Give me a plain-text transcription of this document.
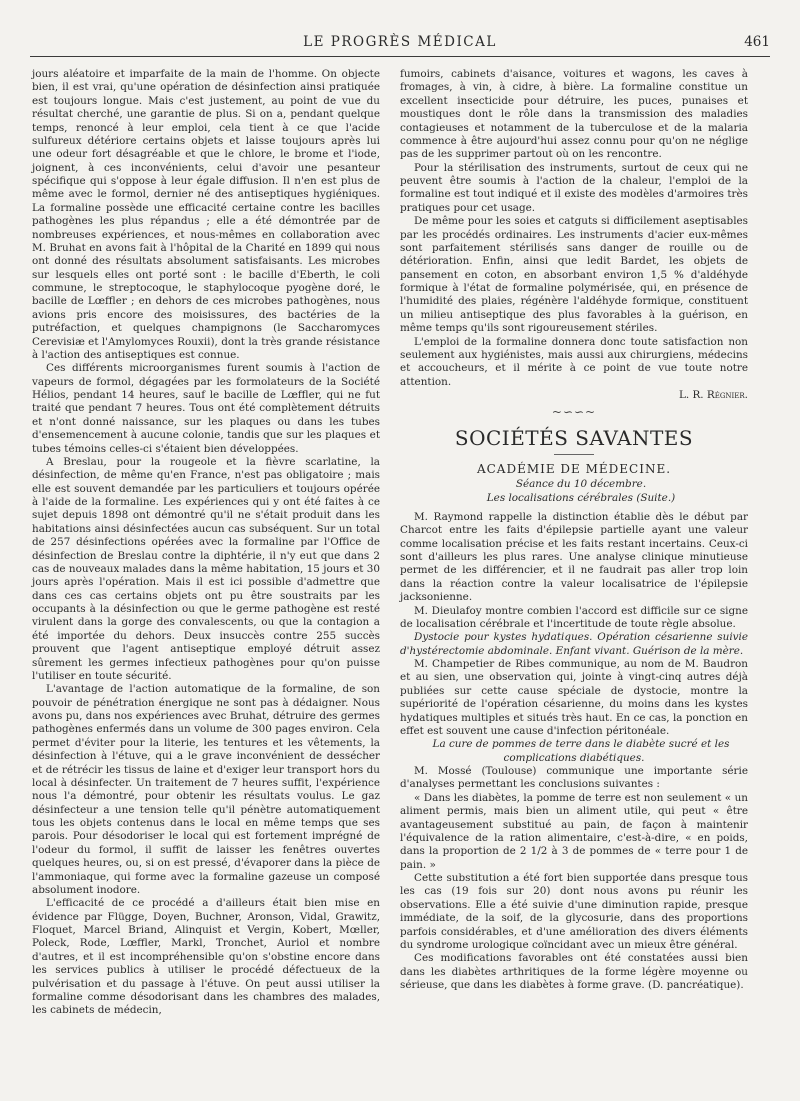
LE PROGRÈS MÉDICAL	461

jours aléatoire et imparfaite de la main de l'homme. On objecte bien, il est vrai, qu'une opération de désinfection ainsi pratiquée est toujours longue. Mais c'est justement, au point de vue du résultat cherché, une garantie de plus. Si on a, pendant quelque temps, renoncé à leur emploi, cela tient à ce que l'acide sulfureux détériore certains objets et laisse toujours après lui une odeur fort désagréable et que le chlore, le brome et l'iode, joignent, à ces inconvénients, celui d'avoir une pesanteur spécifique qui s'oppose à leur égale diffusion. Il n'en est plus de même avec le formol, dernier né des antiseptiques hygiéniques. La formaline possède une efficacité certaine contre les bacilles pathogènes les plus répandus ; elle a été démontrée par de nombreuses expériences, et nous-mêmes en collaboration avec M. Bruhat en avons fait à l'hôpital de la Charité en 1899 qui nous ont donné des résultats absolument satisfaisants. Les microbes sur lesquels elles ont porté sont : le bacille d'Eberth, le coli commune, le streptocoque, le staphylocoque pyogène doré, le bacille de Lœffler ; en dehors de ces microbes pathogènes, nous avions pris encore des moisissures, des bactéries de la putréfaction, et quelques champignons (le Saccharomyces Cerevisiæ et l'Amylomyces Rouxii), dont la très grande résistance à l'action des antiseptiques est connue.

Ces différents microorganismes furent soumis à l'action de vapeurs de formol, dégagées par les formolateurs de la Société Hélios, pendant 14 heures, sauf le bacille de Lœffler, qui ne fut traité que pendant 7 heures. Tous ont été complètement détruits et n'ont donné naissance, sur les plaques ou dans les tubes d'ensemencement à aucune colonie, tandis que sur les plaques et tubes témoins celles-ci s'étaient bien développées.

A Breslau, pour la rougeole et la fièvre scarlatine, la désinfection, de même qu'en France, n'est pas obligatoire ; mais elle est souvent demandée par les particuliers et toujours opérée à l'aide de la formaline. Les expériences qui y ont été faites à ce sujet depuis 1898 ont démontré qu'il ne s'était produit dans les habitations ainsi désinfectées aucun cas subséquent. Sur un total de 257 désinfections opérées avec la formaline par l'Office de désinfection de Breslau contre la diphtérie, il n'y eut que dans 2 cas de nouveaux malades dans la même habitation, 15 jours et 30 jours après l'opération. Mais il est ici possible d'admettre que dans ces cas certains objets ont pu être soustraits par les occupants à la désinfection ou que le germe pathogène est resté virulent dans la gorge des convalescents, ou que la contagion a été importée du dehors. Deux insuccès contre 255 succès prouvent que l'agent antiseptique employé détruit assez sûrement les germes infectieux pathogènes pour qu'on puisse l'utiliser en toute sécurité.

L'avantage de l'action automatique de la formaline, de son pouvoir de pénétration énergique ne sont pas à dédaigner. Nous avons pu, dans nos expériences avec Bruhat, détruire des germes pathogènes enfermés dans un volume de 300 pages environ. Cela permet d'éviter pour la literie, les tentures et les vêtements, la désinfection à l'étuve, qui a le grave inconvénient de dessécher et de rétrécir les tissus de laine et d'exiger leur transport hors du local à désinfecter. Un traitement de 7 heures suffit, l'expérience nous l'a démontré, pour obtenir les résultats voulus. Le gaz désinfecteur a une tension telle qu'il pénètre automatiquement tous les objets contenus dans le local en même temps que ses parois. Pour désodoriser le local qui est fortement imprégné de l'odeur du formol, il suffit de laisser les fenêtres ouvertes quelques heures, ou, si on est pressé, d'évaporer dans la pièce de l'ammoniaque, qui forme avec la formaline gazeuse un composé absolument inodore.

L'efficacité de ce procédé a d'ailleurs était bien mise en évidence par Flügge, Doyen, Buchner, Aronson, Vidal, Grawitz, Floquet, Marcel Briand, Alinquist et Vergin, Kobert, Mœller, Poleck, Rode, Lœffler, Markl, Tronchet, Auriol et nombre d'autres, et il est incompréhensible qu'on s'obstine encore dans les services publics à utiliser le procédé défectueux de la pulvérisation et du passage à l'étuve. On peut aussi utiliser la formaline comme désodorisant dans les chambres des malades, les cabinets de médecin,

fumoirs, cabinets d'aisance, voitures et wagons, les caves à fromages, à vin, à cidre, à bière. La formaline constitue un excellent insecticide pour détruire, les puces, punaises et moustiques dont le rôle dans la transmission des maladies contagieuses et notamment de la tuberculose et de la malaria commence à être aujourd'hui assez connu pour qu'on ne néglige pas de les supprimer partout où on les rencontre.

Pour la stérilisation des instruments, surtout de ceux qui ne peuvent être soumis à l'action de la chaleur, l'emploi de la formaline est tout indiqué et il existe des modèles d'armoires très pratiques pour cet usage.

De même pour les soies et catguts si difficilement aseptisables par les procédés ordinaires. Les instruments d'acier eux-mêmes sont parfaitement stérilisés sans danger de rouille ou de détérioration. Enfin, ainsi que ledit Bardet, les objets de pansement en coton, en absorbant environ 1,5 % d'aldéhyde formique à l'état de formaline polymérisée, qui, en présence de l'humidité des plaies, régénère l'aldéhyde formique, constituent un milieu antiseptique des plus favorables à la guérison, en même temps qu'ils sont rigoureusement stériles.

L'emploi de la formaline donnera donc toute satisfaction non seulement aux hygiénistes, mais aussi aux chirurgiens, médecins et accoucheurs, et il mérite à ce point de vue toute notre attention.

L. R. Régnier.

~∽∽~
SOCIÉTÉS SAVANTES
ACADÉMIE DE MÉDECINE.

Séance du 10 décembre.

Les localisations cérébrales (Suite.)

M. Raymond rappelle la distinction établie dès le début par Charcot entre les faits d'épilepsie partielle ayant une valeur comme localisation précise et les faits restant incertains. Ceux-ci sont d'ailleurs les plus rares. Une analyse clinique minutieuse permet de les différencier, et il ne faudrait pas aller trop loin dans la réaction contre la valeur localisatrice de l'épilepsie jacksonienne.

M. Dieulafoy montre combien l'accord est difficile sur ce signe de localisation cérébrale et l'incertitude de toute règle absolue.

Dystocie pour kystes hydatiques. Opération césarienne suivie d'hystérectomie abdominale. Enfant vivant. Guérison de la mère.

M. Champetier de Ribes communique, au nom de M. Baudron et au sien, une observation qui, jointe à vingt-cinq autres déjà publiées sur cette cause spéciale de dystocie, montre la supériorité de l'opération césarienne, du moins dans les kystes hydatiques multiples et situés très haut. En ce cas, la ponction en effet est souvent une cause d'infection péritonéale.

La cure de pommes de terre dans le diabète sucré et les complications diabétiques.

M. Mossé (Toulouse) communique une importante série d'analyses permettant les conclusions suivantes :

« Dans les diabètes, la pomme de terre est non seulement « un aliment permis, mais bien un aliment utile, qui peut « être avantageusement substitué au pain, de façon à maintenir l'équivalence de la ration alimentaire, c'est-à-dire, « en poids, dans la proportion de 2 1/2 à 3 de pommes de « terre pour 1 de pain. »

Cette substitution a été fort bien supportée dans presque tous les cas (19 fois sur 20) dont nous avons pu réunir les observations. Elle a été suivie d'une diminution rapide, presque immédiate, de la soif, de la glycosurie, dans des proportions parfois considérables, et d'une amélioration des divers éléments du syndrome urologique coïncidant avec un mieux être général.

Ces modifications favorables ont été constatées aussi bien dans les diabètes arthritiques de la forme légère moyenne ou sérieuse, que dans les diabètes à forme grave. (D. pancréatique).
